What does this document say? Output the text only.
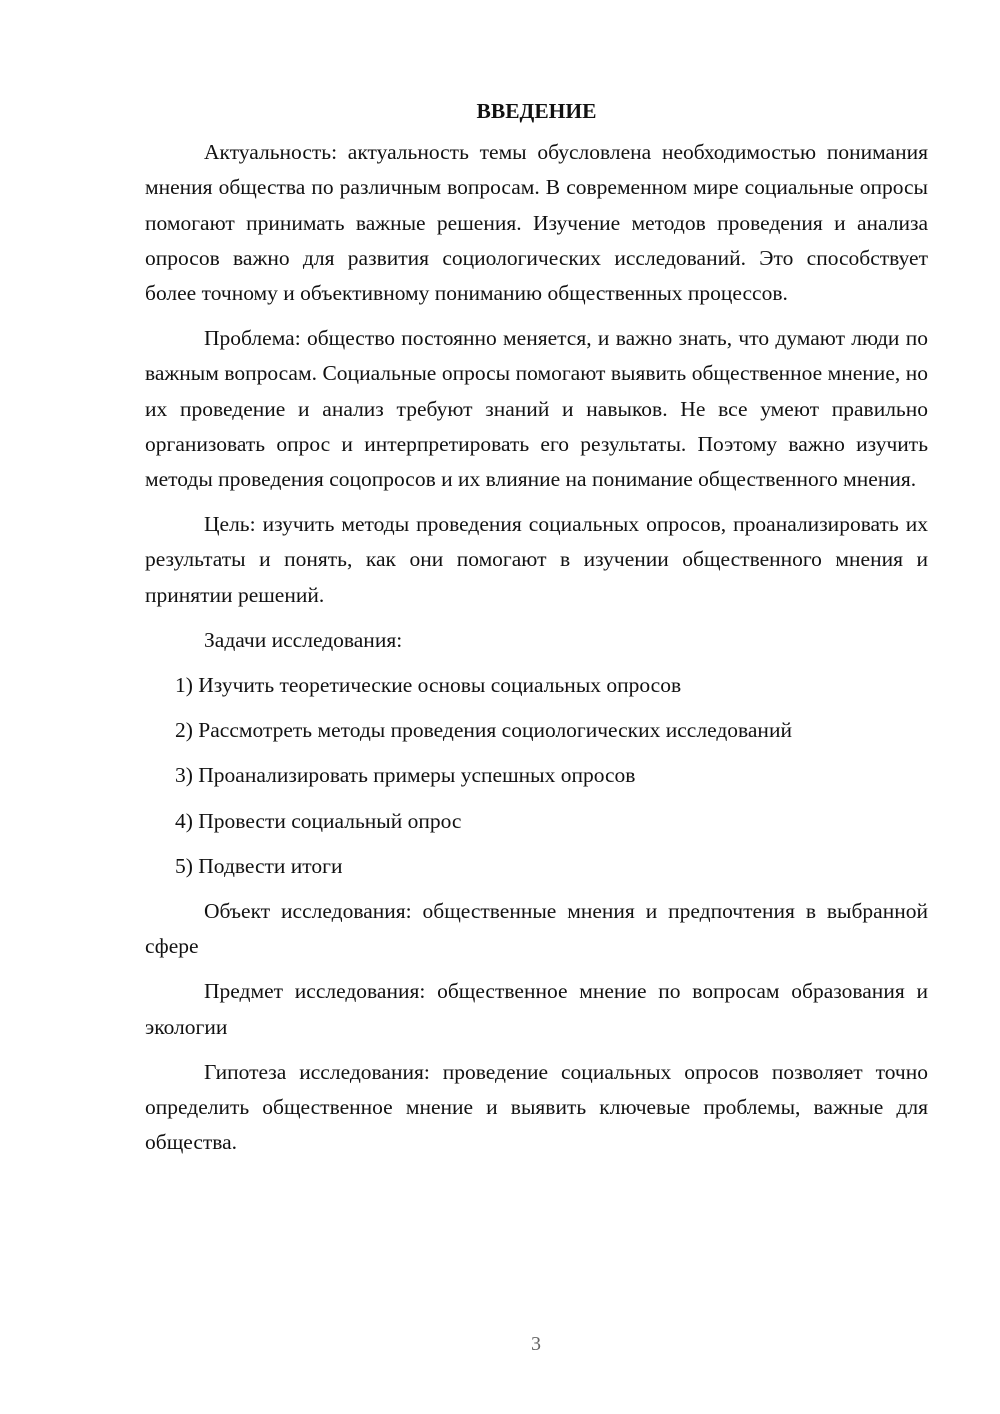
ВВЕДЕНИЕ

Актуальность: актуальность темы обусловлена необходимостью понимания мнения общества по различным вопросам. В современном мире социальные опросы помогают принимать важные решения. Изучение методов проведения и анализа опросов важно для развития социологических исследований. Это способствует более точному и объективному пониманию общественных процессов.

Проблема: общество постоянно меняется, и важно знать, что думают люди по важным вопросам. Социальные опросы помогают выявить общественное мнение, но их проведение и анализ требуют знаний и навыков. Не все умеют правильно организовать опрос и интерпретировать его результаты. Поэтому важно изучить методы проведения соцопросов и их влияние на понимание общественного мнения.

Цель: изучить методы проведения социальных опросов, проанализировать их результаты и понять, как они помогают в изучении общественного мнения и принятии решений.

Задачи исследования:

1) Изучить теоретические основы социальных опросов
2) Рассмотреть методы проведения социологических исследований
3) Проанализировать примеры успешных опросов
4) Провести социальный опрос
5) Подвести итоги

Объект исследования: общественные мнения и предпочтения в выбранной сфере

Предмет исследования: общественное мнение по вопросам образования и экологии

Гипотеза исследования: проведение социальных опросов позволяет точно определить общественное мнение и выявить ключевые проблемы, важные для общества.

3
